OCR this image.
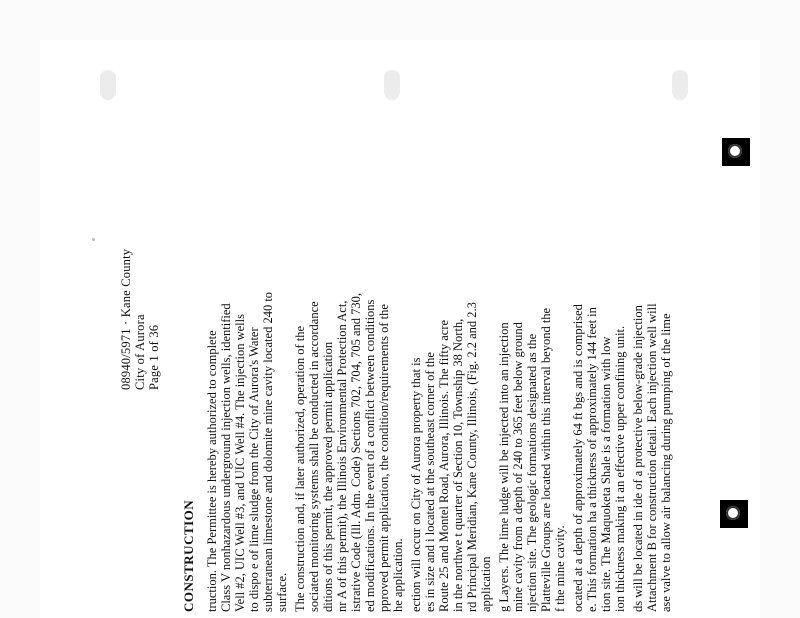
08940/5971 · Kane County City of Aurora Page 1 of 36
CONSTRUCTION truction. The Permittee is hereby authorized to complete Class V nonhazardous underground injection wells, identified Vell #2, UIC Well #3, and UIC Well #4. The injection wells to dispo e of lime sludge from the City of Aurora's Water subterranean limestone and dolomite mine cavity located 240 to surface. The construction and, if later authorized, operation of the sociated monitoring systems shall be conducted in accordance ditions of this permit, the approved permit application nr A of this permit), the Illinois Environmental Protection Act, istrative Code (Ill. Adm. Code) Sections 702, 704, 705 and 730, ed modifications. In the event of a conflict between conditions pproved permit application, the condition/requirements of the he application. ection will occur on City of Aurora property that is es in size and i located at the southeast corner of the Route 25 and Montel Road, Aurora, Illinois. The fifty acre in the northwe t quarter of Section 10, Township 38 North, rd Principal Meridian, Kane County, Illinois, (Fig. 2.2 and 2.3 application g Layers. The lime ludge will be injected into an injection mine cavity from a depth of 240 to 365 feet below ground njection site. The geologic formations designated as the Platteville Groups are located within this interval beyond the f the mine cavity. ocated at a depth of approximately 64 ft bgs and is comprised e. This formation ha a thickness of approximately 144 feet in tion site. The Maquoketa Shale is a formation with low ion thickness making it an effective upper confining unit. ds will be located in ide of a protective below-grade injection Attachment B for construction detail. Each injection well will ase valve to allow air balancing during pumping of the lime
